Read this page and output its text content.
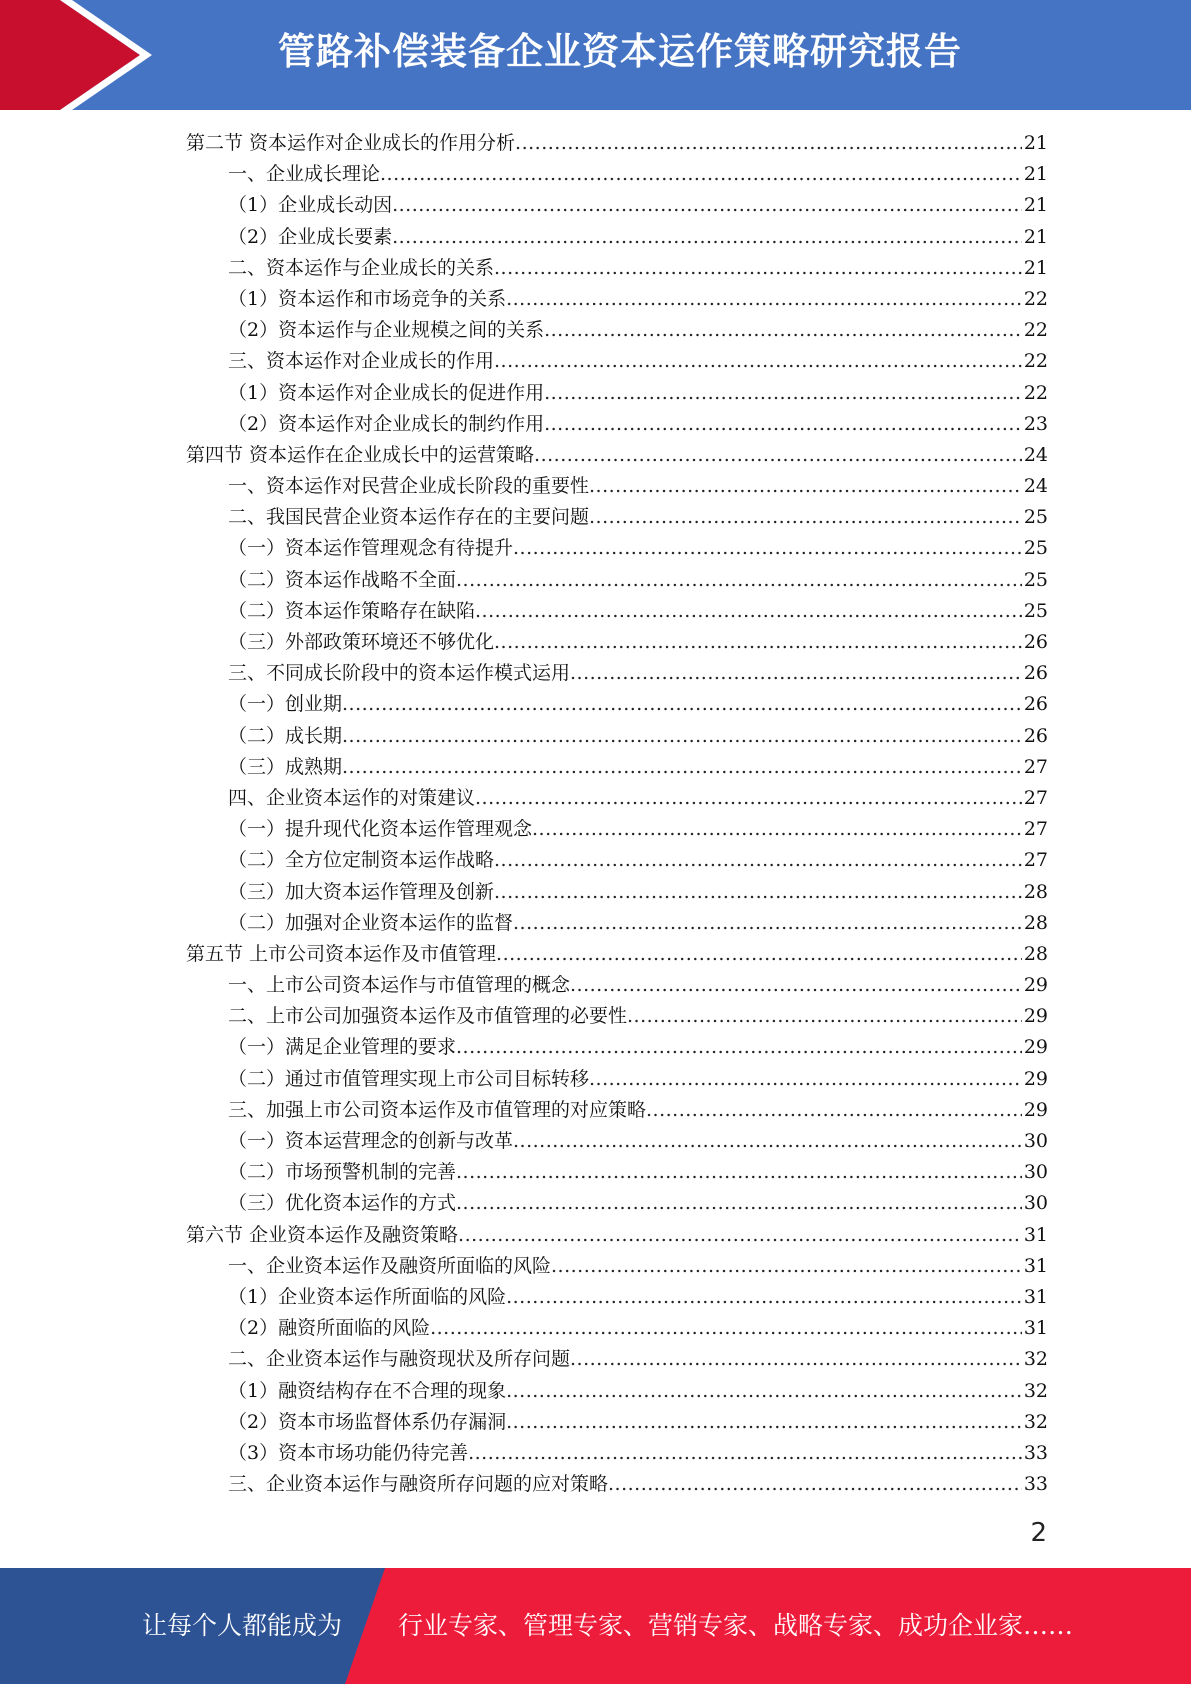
管路补偿装备企业资本运作策略研究报告
第二节 资本运作对企业成长的作用分析 .....	21
一、企业成长理论 .....	21
（1）企业成长动因 .....	21
（2）企业成长要素 .....	21
二、资本运作与企业成长的关系 .....	21
（1）资本运作和市场竞争的关系 .....	22
（2）资本运作与企业规模之间的关系 .....	22
三、资本运作对企业成长的作用 .....	22
（1）资本运作对企业成长的促进作用 .....	22
（2）资本运作对企业成长的制约作用 .....	23
第四节 资本运作在企业成长中的运营策略 .....	24
一、资本运作对民营企业成长阶段的重要性 .....	24
二、我国民营企业资本运作存在的主要问题 .....	25
（一）资本运作管理观念有待提升 .....	25
（二）资本运作战略不全面 .....	25
（二）资本运作策略存在缺陷 .....	25
（三）外部政策环境还不够优化 .....	26
三、不同成长阶段中的资本运作模式运用 .....	26
（一）创业期 .....	26
（二）成长期 .....	26
（三）成熟期 .....	27
四、企业资本运作的对策建议 .....	27
（一）提升现代化资本运作管理观念 .....	27
（二）全方位定制资本运作战略 .....	27
（三）加大资本运作管理及创新 .....	28
（二）加强对企业资本运作的监督 .....	28
第五节 上市公司资本运作及市值管理 .....	28
一、上市公司资本运作与市值管理的概念 .....	29
二、上市公司加强资本运作及市值管理的必要性 .....	29
（一）满足企业管理的要求 .....	29
（二）通过市值管理实现上市公司目标转移 .....	29
三、加强上市公司资本运作及市值管理的对应策略 .....	29
（一）资本运营理念的创新与改革 .....	30
（二）市场预警机制的完善 .....	30
（三）优化资本运作的方式 .....	30
第六节 企业资本运作及融资策略 .....	31
一、企业资本运作及融资所面临的风险 .....	31
（1）企业资本运作所面临的风险 .....	31
（2）融资所面临的风险 .....	31
二、企业资本运作与融资现状及所存问题 .....	32
（1）融资结构存在不合理的现象 .....	32
（2）资本市场监督体系仍存漏洞 .....	32
（3）资本市场功能仍待完善 .....	33
三、企业资本运作与融资所存问题的应对策略 .....	33
2
让每个人都能成为 行业专家、管理专家、营销专家、战略专家、成功企业家……
